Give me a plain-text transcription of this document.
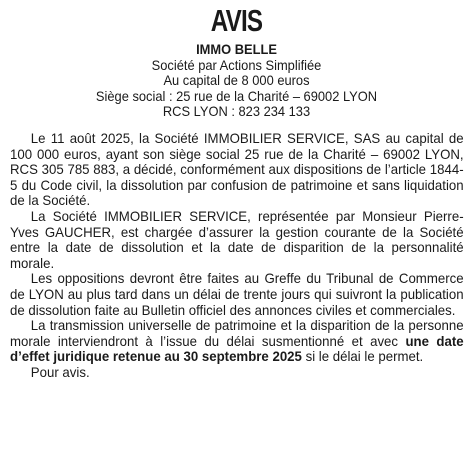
AVIS
IMMO BELLE
Société par Actions Simplifiée
Au capital de 8 000 euros
Siège social : 25 rue de la Charité – 69002 LYON
RCS LYON : 823 234 133

Le 11 août 2025, la Société IMMOBILIER SERVICE, SAS au capital de 100 000 euros, ayant son siège social 25 rue de la Charité – 69002 LYON, RCS 305 785 883, a décidé, conformément aux dispositions de l’article 1844-5 du Code civil, la dissolution par confusion de patrimoine et sans liquidation de la Société.

La Société IMMOBILIER SERVICE, représentée par Monsieur Pierre-Yves GAUCHER, est chargée d’assurer la gestion courante de la Société entre la date de dissolution et la date de disparition de la personnalité morale.

Les oppositions devront être faites au Greffe du Tribunal de Commerce de LYON au plus tard dans un délai de trente jours qui suivront la publication de dissolution faite au Bulletin officiel des annonces civiles et commerciales.

La transmission universelle de patrimoine et la disparition de la personne morale interviendront à l’issue du délai susmentionné et avec une date d’effet juridique retenue au 30 septembre 2025 si le délai le permet.

Pour avis.
